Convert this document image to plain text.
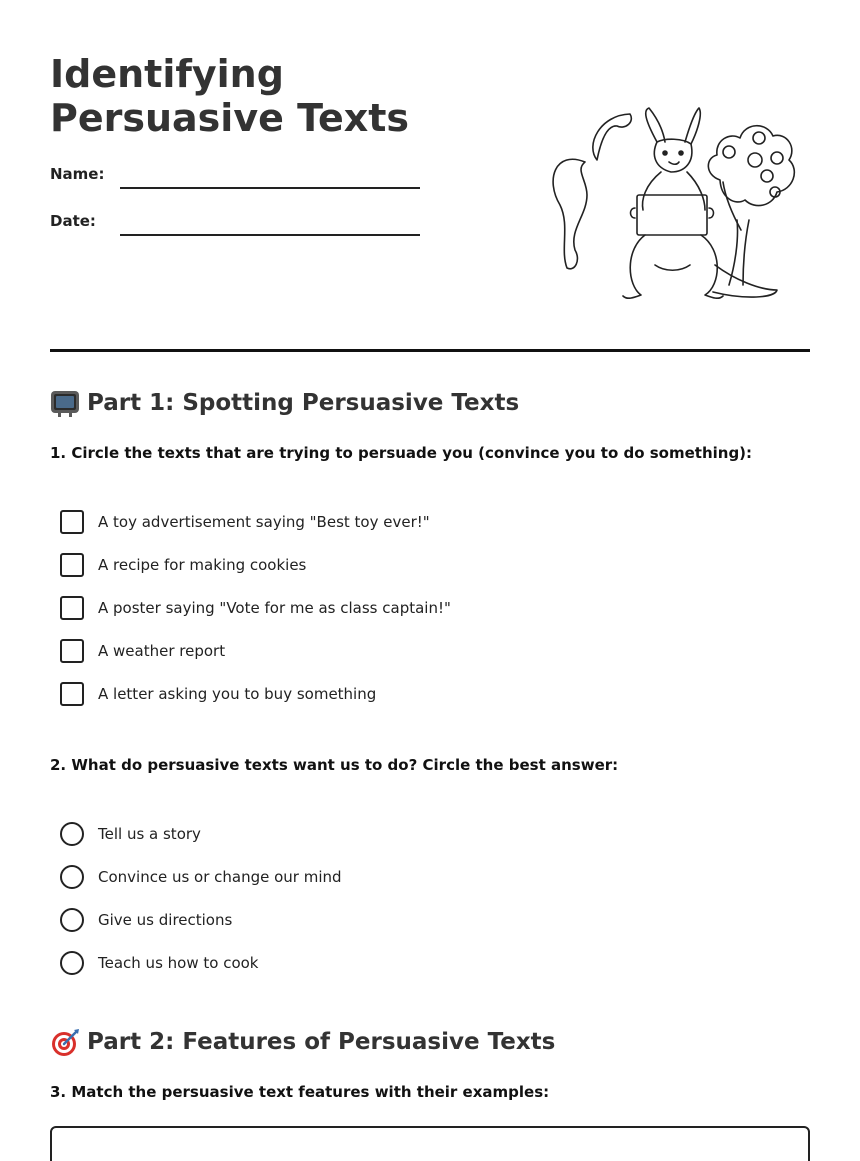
Identifying Persuasive Texts
Name:
Date:
Part 1: Spotting Persuasive Texts
1. Circle the texts that are trying to persuade you (convince you to do something):
A toy advertisement saying "Best toy ever!"
A recipe for making cookies
A poster saying "Vote for me as class captain!"
A weather report
A letter asking you to buy something
2. What do persuasive texts want us to do? Circle the best answer:
Tell us a story
Convince us or change our mind
Give us directions
Teach us how to cook
Part 2: Features of Persuasive Texts
3. Match the persuasive text features with their examples:
